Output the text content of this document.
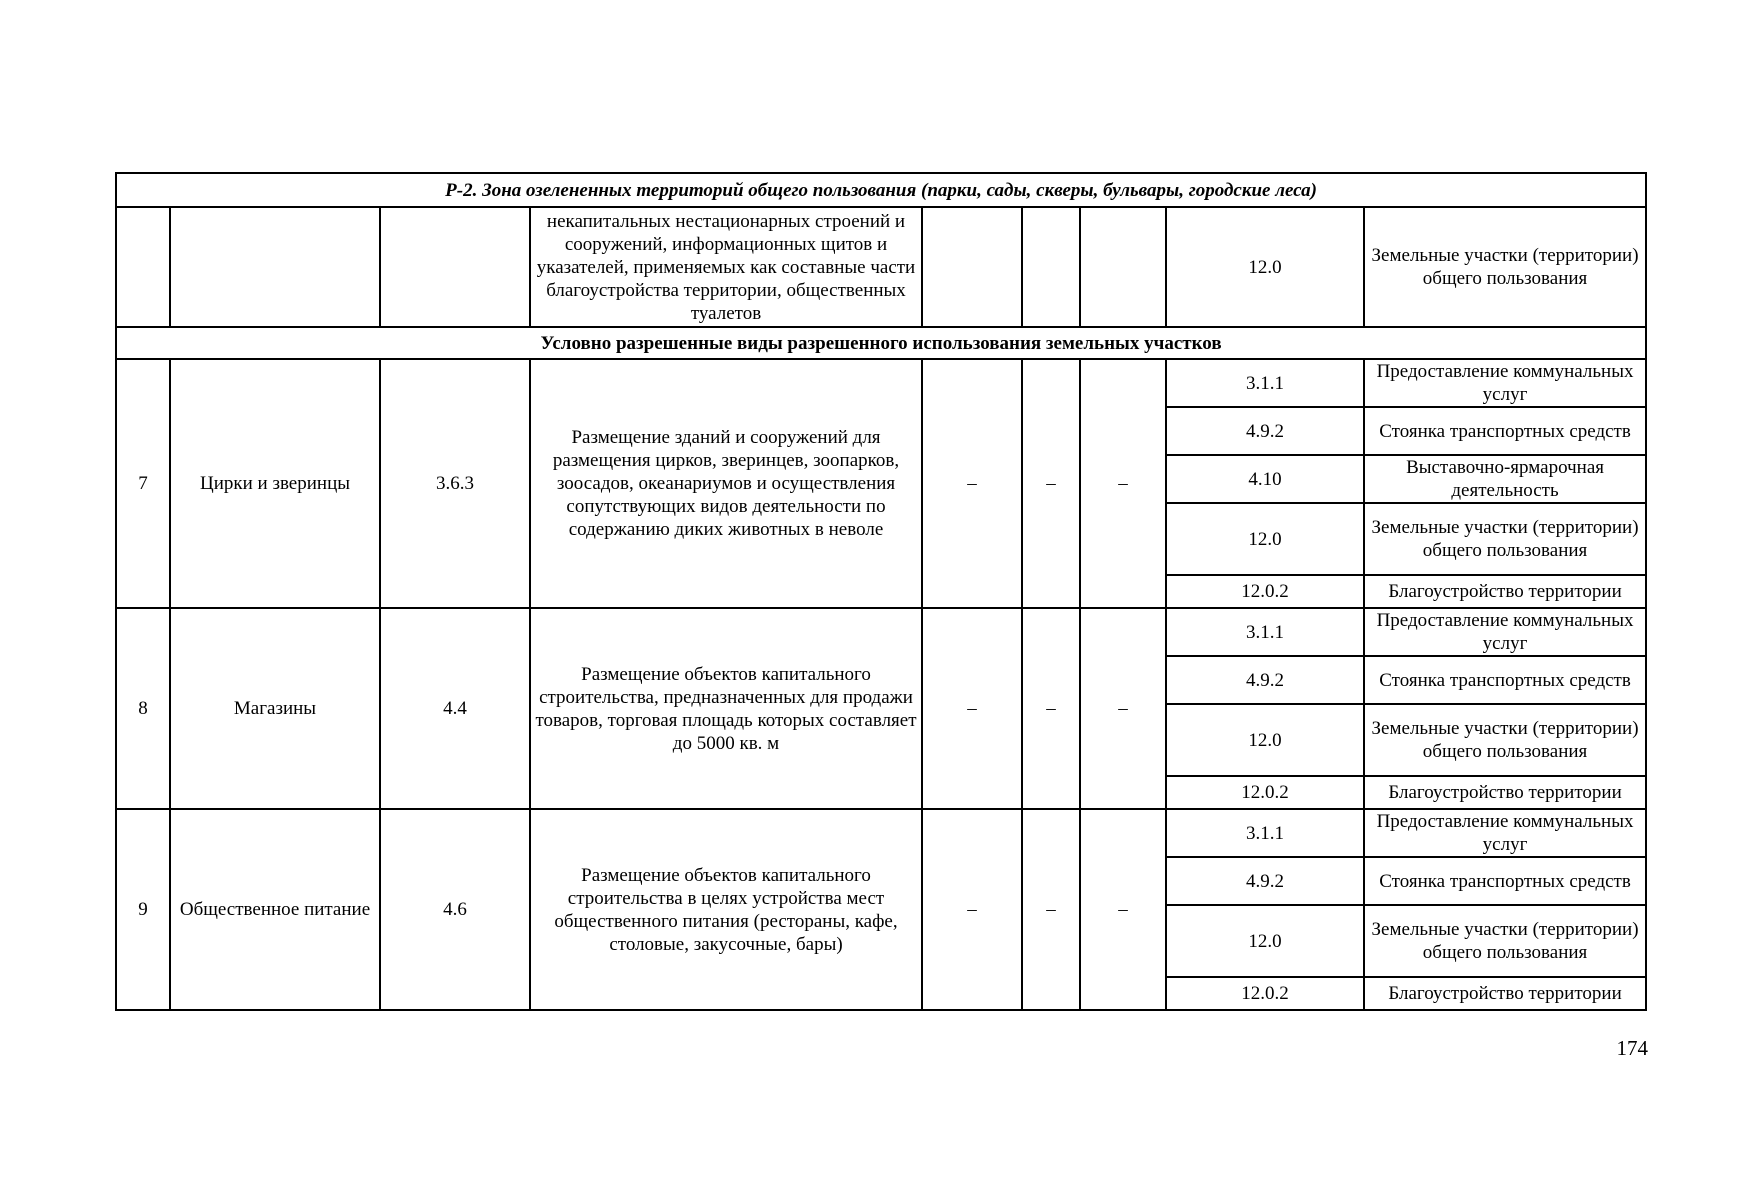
Р-2. Зона озелененных территорий общего пользования (парки, сады, скверы, бульвары, городские леса)								
			некапитальных нестационарных строений и сооружений, информационных щитов и указателей, применяемых как составные части благоустройства территории, общественных туалетов				12.0	Земельные участки (территории) общего пользования
Условно разрешенные виды разрешенного использования земельных участков								
7	Цирки и зверинцы	3.6.3	Размещение зданий и сооружений для размещения цирков, зверинцев, зоопарков, зоосадов, океанариумов и осуществления сопутствующих видов деятельности по содержанию диких животных в неволе	–	–	–	3.1.1	Предоставление коммунальных услуг
							4.9.2	Стоянка транспортных средств
							4.10	Выставочно-ярмарочная деятельность
							12.0	Земельные участки (территории) общего пользования
							12.0.2	Благоустройство территории
8	Магазины	4.4	Размещение объектов капитального строительства, предназначенных для продажи товаров, торговая площадь которых составляет до 5000 кв. м	–	–	–	3.1.1	Предоставление коммунальных услуг
							4.9.2	Стоянка транспортных средств
							12.0	Земельные участки (территории) общего пользования
							12.0.2	Благоустройство территории
9	Общественное питание	4.6	Размещение объектов капитального строительства в целях устройства мест общественного питания (рестораны, кафе, столовые, закусочные, бары)	–	–	–	3.1.1	Предоставление коммунальных услуг
							4.9.2	Стоянка транспортных средств
							12.0	Земельные участки (территории) общего пользования
							12.0.2	Благоустройство территории
174
